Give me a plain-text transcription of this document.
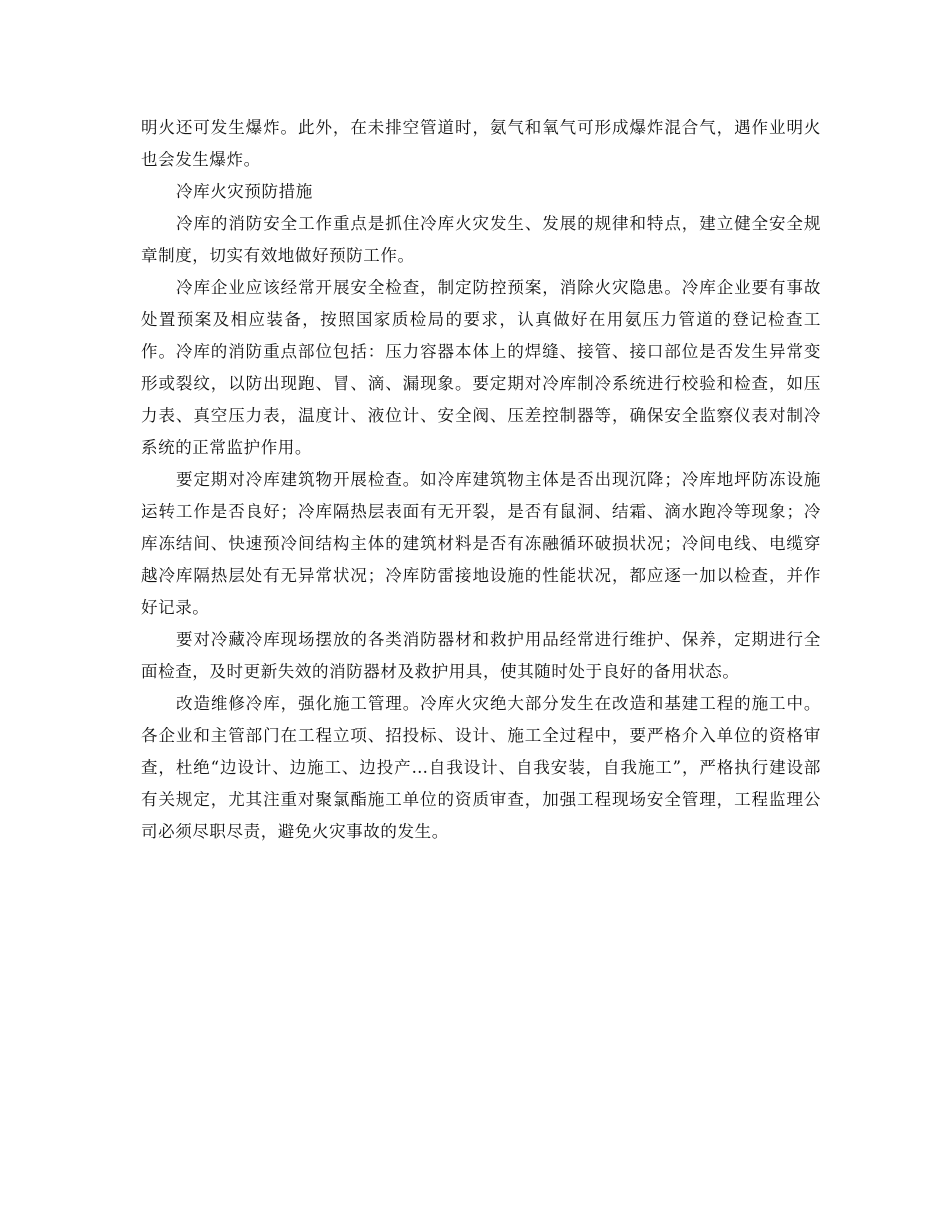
明火还可发生爆炸。此外，在未排空管道时，氨气和氧气可形成爆炸混合气，遇作业明火也会发生爆炸。

冷库火灾预防措施

冷库的消防安全工作重点是抓住冷库火灾发生、发展的规律和特点，建立健全安全规章制度，切实有效地做好预防工作。

冷库企业应该经常开展安全检查，制定防控预案，消除火灾隐患。冷库企业要有事故处置预案及相应装备，按照国家质检局的要求，认真做好在用氨压力管道的登记检查工作。冷库的消防重点部位包括：压力容器本体上的焊缝、接管、接口部位是否发生异常变形或裂纹，以防出现跑、冒、滴、漏现象。要定期对冷库制冷系统进行校验和检查，如压力表、真空压力表，温度计、液位计、安全阀、压差控制器等，确保安全监察仪表对制冷系统的正常监护作用。

要定期对冷库建筑物开展检查。如冷库建筑物主体是否出现沉降；冷库地坪防冻设施运转工作是否良好；冷库隔热层表面有无开裂，是否有鼠洞、结霜、滴水跑冷等现象；冷库冻结间、快速预冷间结构主体的建筑材料是否有冻融循环破损状况；冷间电线、电缆穿越冷库隔热层处有无异常状况；冷库防雷接地设施的性能状况，都应逐一加以检查，并作好记录。

要对冷藏冷库现场摆放的各类消防器材和救护用品经常进行维护、保养，定期进行全面检查，及时更新失效的消防器材及救护用具，使其随时处于良好的备用状态。

改造维修冷库，强化施工管理。冷库火灾绝大部分发生在改造和基建工程的施工中。各企业和主管部门在工程立项、招投标、设计、施工全过程中，要严格介入单位的资格审查，杜绝“边设计、边施工、边投产…自我设计、自我安装，自我施工”，严格执行建设部有关规定，尤其注重对聚氯酯施工单位的资质审查，加强工程现场安全管理，工程监理公司必须尽职尽责，避免火灾事故的发生。
